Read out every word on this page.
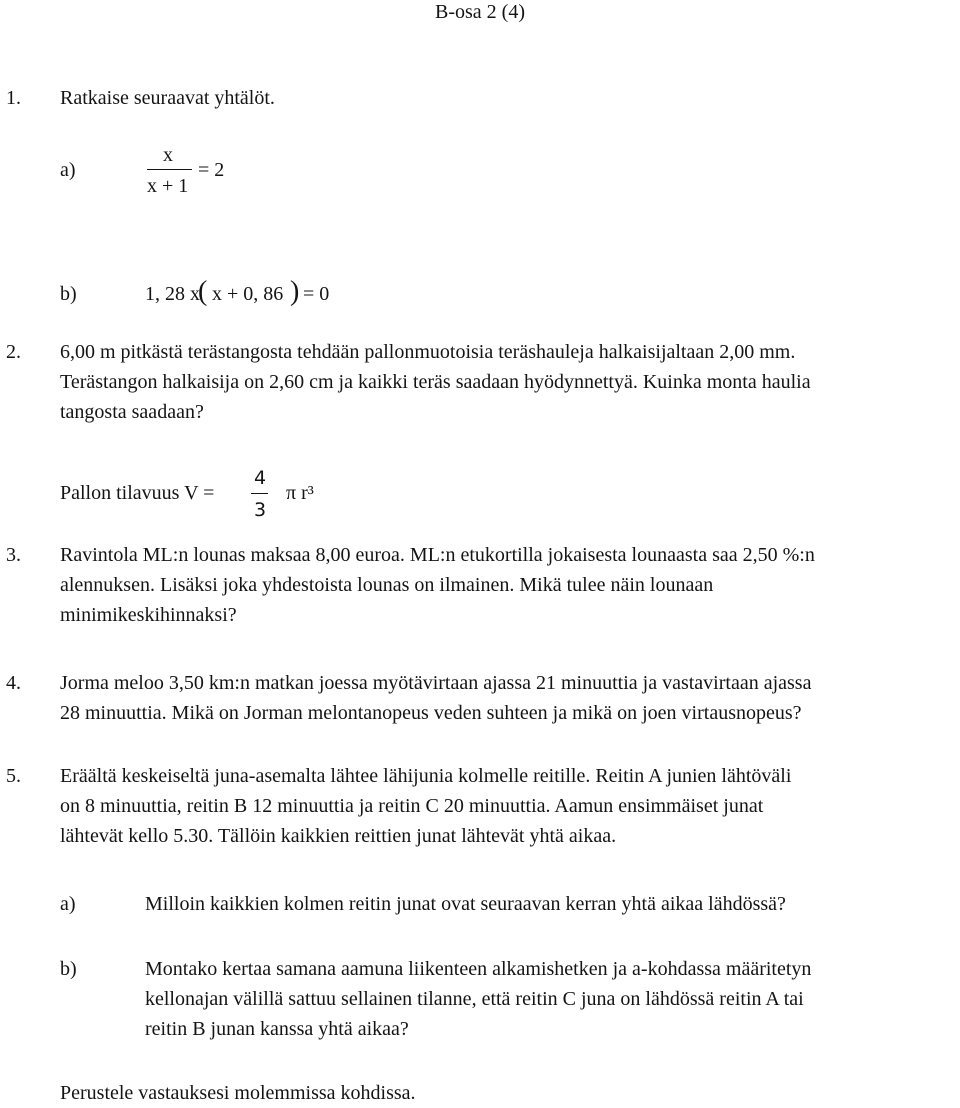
B-osa 2 (4)
1. Ratkaise seuraavat yhtälöt.
a)
x
x + 1
= 2
b)	1, 28 x
( x + 0, 86 ) = 0
2. 6,00 m pitkästä terästangosta tehdään pallonmuotoisia teräshauleja halkaisijaltaan 2,00 mm.
Terästangon halkaisija on 2,60 cm ja kaikki teräs saadaan hyödynnettyä. Kuinka monta haulia
tangosta saadaan?
Pallon tilavuus V =
4
3
π r³
3. Ravintola ML:n lounas maksaa 8,00 euroa. ML:n etukortilla jokaisesta lounaasta saa 2,50 %:n
alennuksen. Lisäksi joka yhdestoista lounas on ilmainen. Mikä tulee näin lounaan
minimikeskihinnaksi?
4. Jorma meloo 3,50 km:n matkan joessa myötävirtaan ajassa 21 minuuttia ja vastavirtaan ajassa
28 minuuttia. Mikä on Jorman melontanopeus veden suhteen ja mikä on joen virtausnopeus?
5. Eräältä keskeiseltä juna-asemalta lähtee lähijunia kolmelle reitille. Reitin A junien lähtöväli
on 8 minuuttia, reitin B 12 minuuttia ja reitin C 20 minuuttia. Aamun ensimmäiset junat
lähtevät kello 5.30. Tällöin kaikkien reittien junat lähtevät yhtä aikaa.
a)	Milloin kaikkien kolmen reitin junat ovat seuraavan kerran yhtä aikaa lähdössä?
b)	Montako kertaa samana aamuna liikenteen alkamishetken ja a-kohdassa määritetyn
kellonajan välillä sattuu sellainen tilanne, että reitin C juna on lähdössä reitin A tai
reitin B junan kanssa yhtä aikaa?
Perustele vastauksesi molemmissa kohdissa.
